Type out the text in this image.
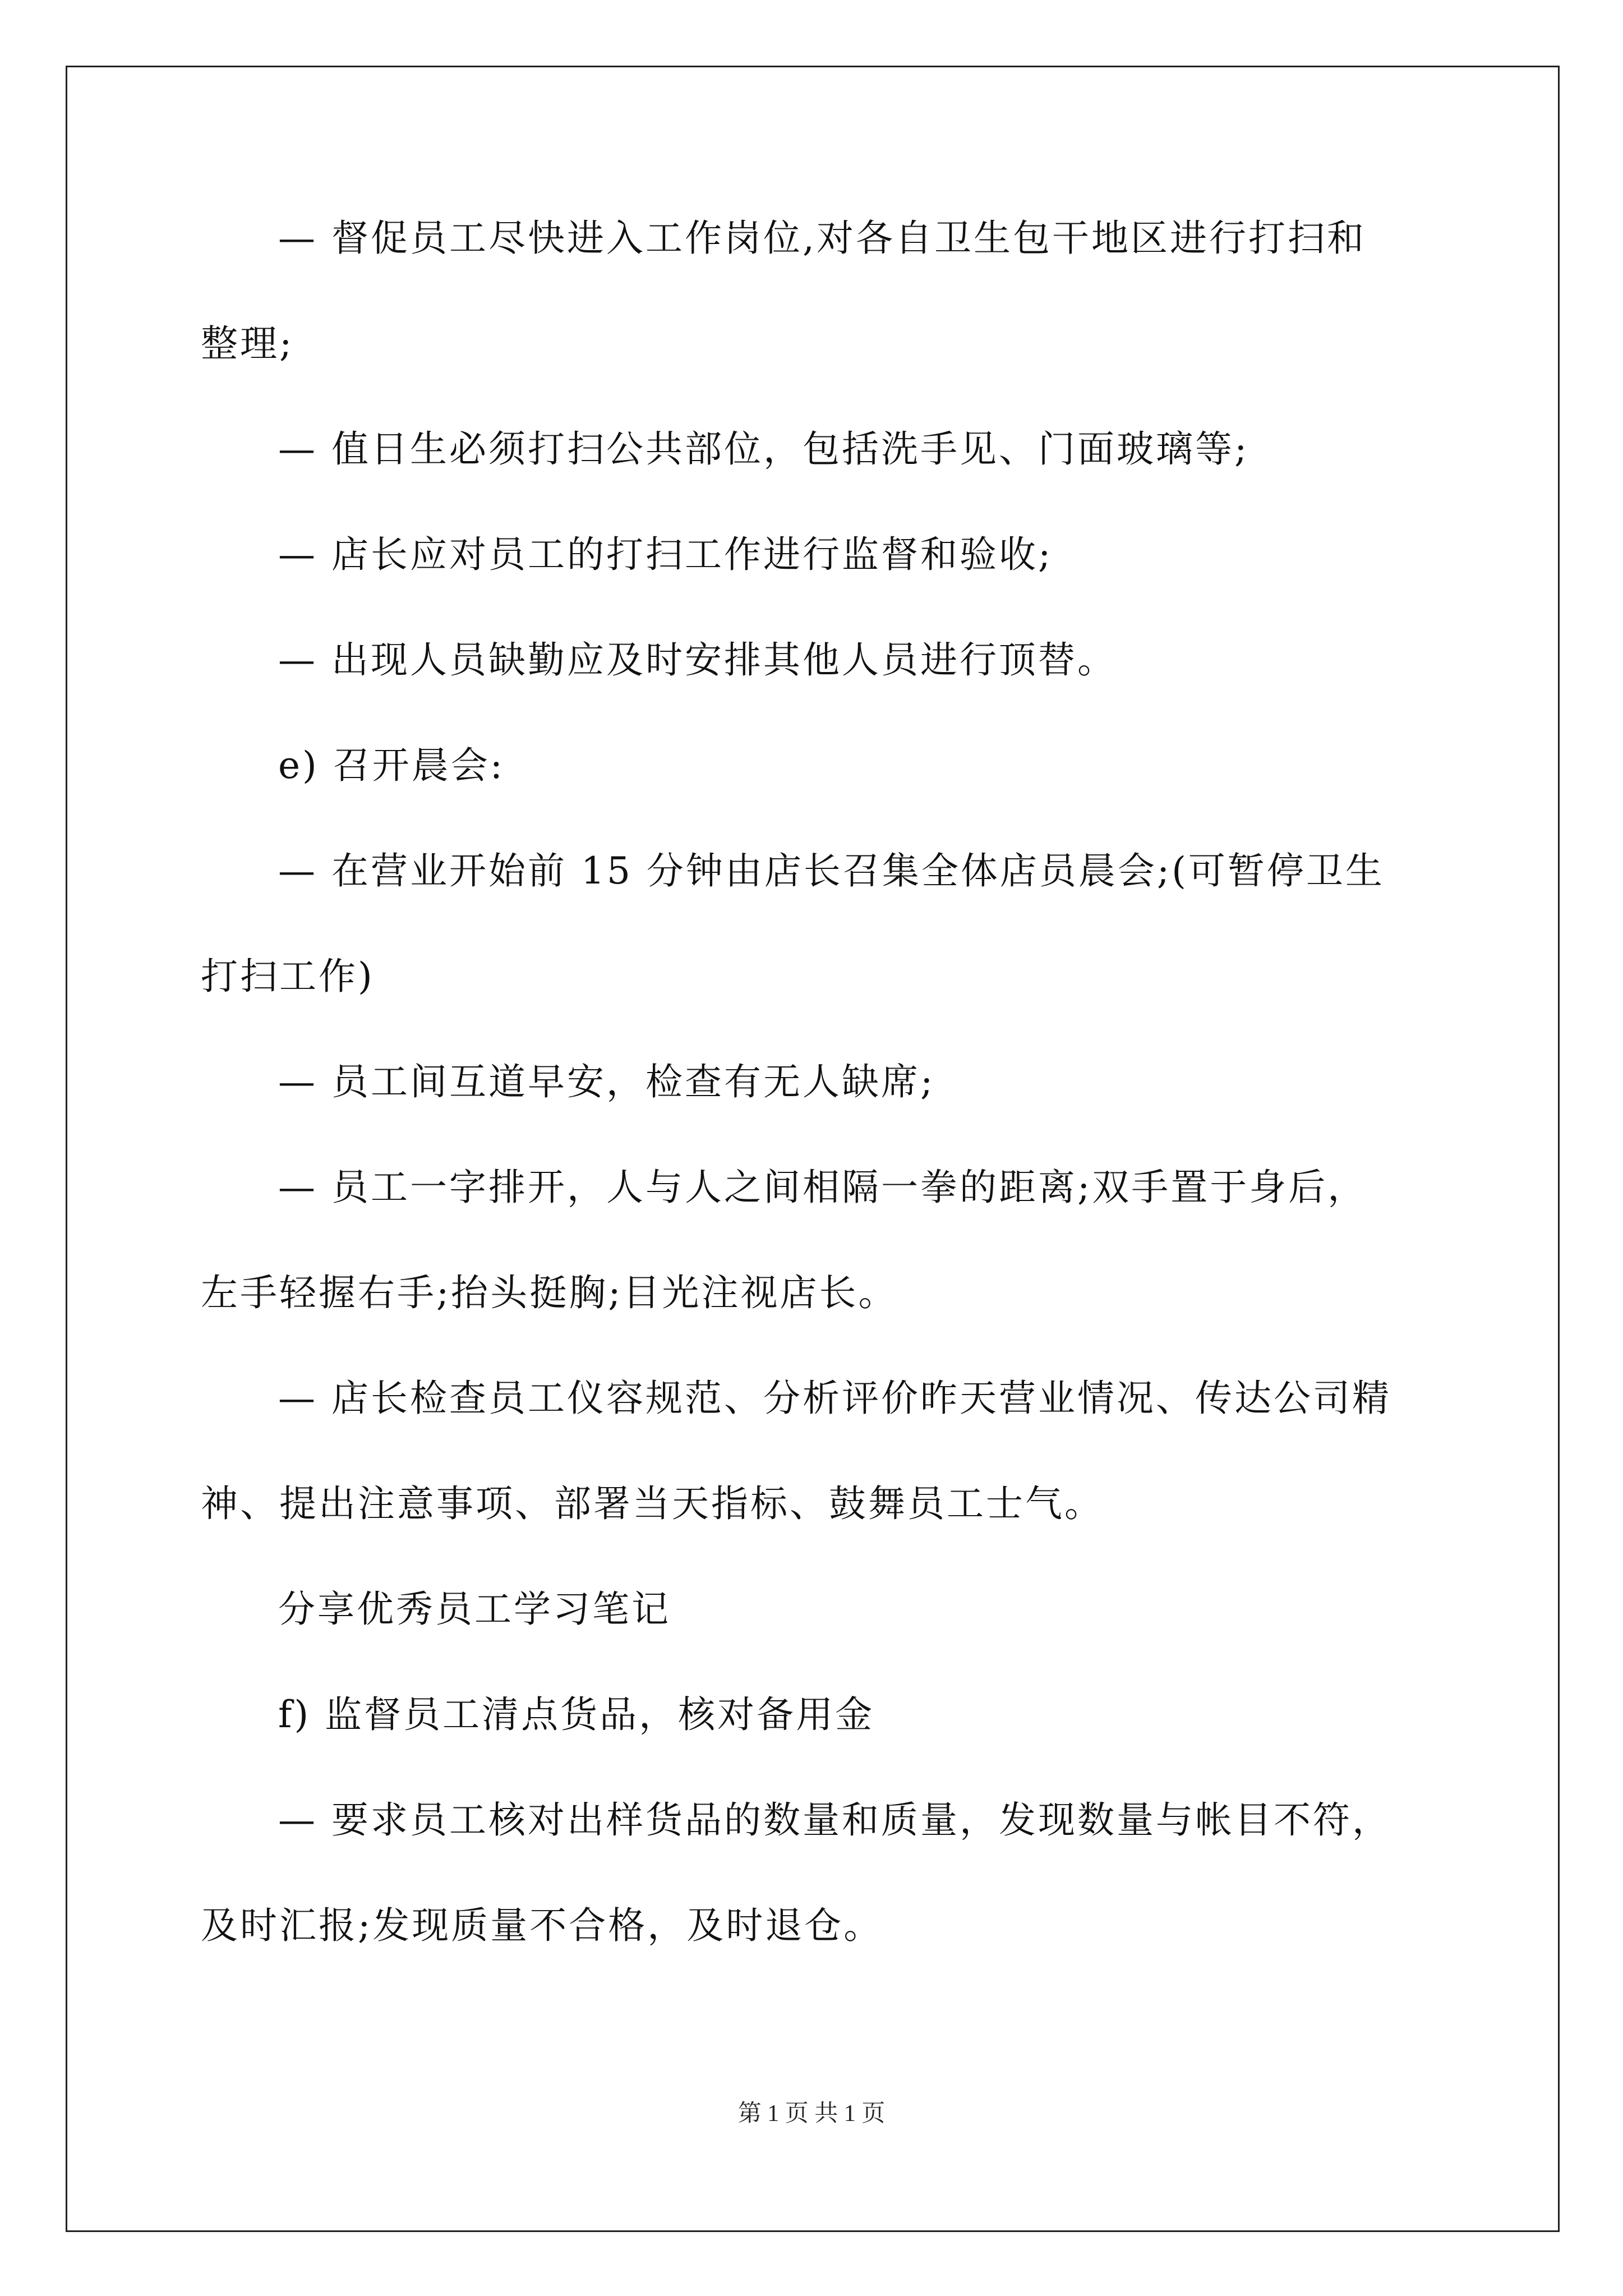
— 督促员工尽快进入工作岗位,对各自卫生包干地区进行打扫和
整理;
— 值日生必须打扫公共部位，包括洗手见、门面玻璃等;
— 店长应对员工的打扫工作进行监督和验收;
— 出现人员缺勤应及时安排其他人员进行顶替。
e) 召开晨会:
— 在营业开始前 15 分钟由店长召集全体店员晨会;(可暂停卫生
打扫工作)
— 员工间互道早安，检查有无人缺席;
— 员工一字排开，人与人之间相隔一拳的距离;双手置于身后，
左手轻握右手;抬头挺胸;目光注视店长。
— 店长检查员工仪容规范、分析评价昨天营业情况、传达公司精
神、提出注意事项、部署当天指标、鼓舞员工士气。
分享优秀员工学习笔记
f) 监督员工清点货品，核对备用金
— 要求员工核对出样货品的数量和质量，发现数量与帐目不符，
及时汇报;发现质量不合格，及时退仓。
第 1 页 共 1 页
